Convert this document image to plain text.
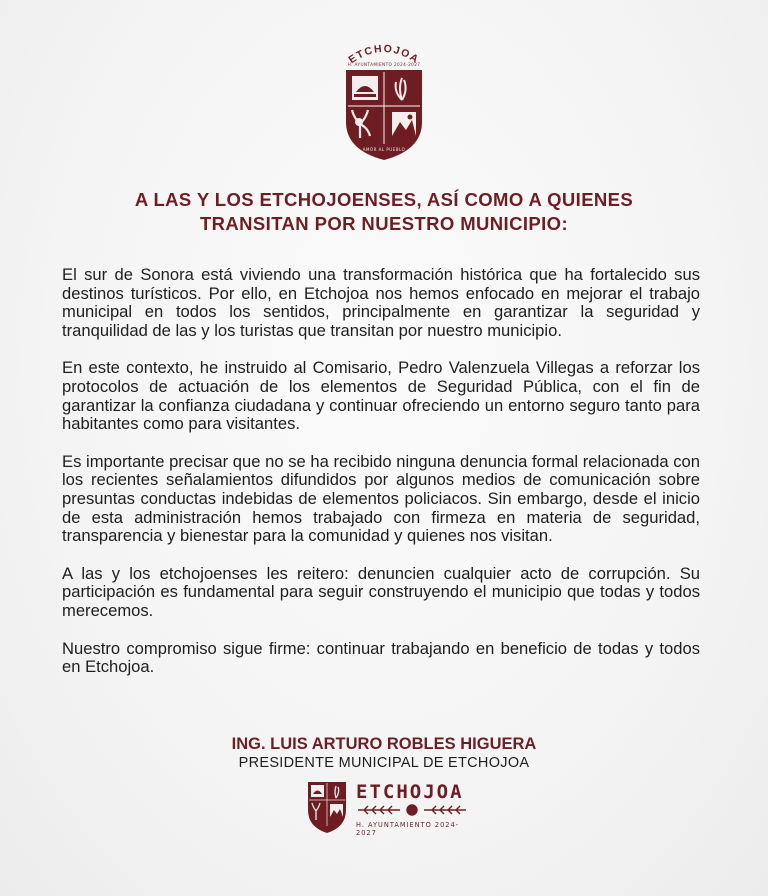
ETCHOJOA
H. AYUNTAMIENTO 2024-2027
AMOR AL PUEBLO
A LAS Y LOS ETCHOJOENSES, ASÍ COMO A QUIENES
TRANSITAN POR NUESTRO MUNICIPIO:

El sur de Sonora está viviendo una transformación histórica que ha fortalecido sus destinos turísticos. Por ello, en Etchojoa nos hemos enfocado en mejorar el trabajo municipal en todos los sentidos, principalmente en garantizar la seguridad y tranquilidad de las y los turistas que transitan por nuestro municipio.

En este contexto, he instruido al Comisario, Pedro Valenzuela Villegas a reforzar los protocolos de actuación de los elementos de Seguridad Pública, con el fin de garantizar la confianza ciudadana y continuar ofreciendo un entorno seguro tanto para habitantes como para visitantes.

Es importante precisar que no se ha recibido ninguna denuncia formal relacionada con los recientes señalamientos difundidos por algunos medios de comunicación sobre presuntas conductas indebidas de elementos policiacos. Sin embargo, desde el inicio de esta administración hemos trabajado con firmeza en materia de seguridad, transparencia y bienestar para la comunidad y quienes nos visitan.

A las y los etchojoenses les reitero: denuncien cualquier acto de corrupción. Su participación es fundamental para seguir construyendo el municipio que todas y todos merecemos.

Nuestro compromiso sigue firme: continuar trabajando en beneficio de todas y todos en Etchojoa.

ING. LUIS ARTURO ROBLES HIGUERA
PRESIDENTE MUNICIPAL DE ETCHOJOA
ETCHOJOA
H. AYUNTAMIENTO 2024-2027
